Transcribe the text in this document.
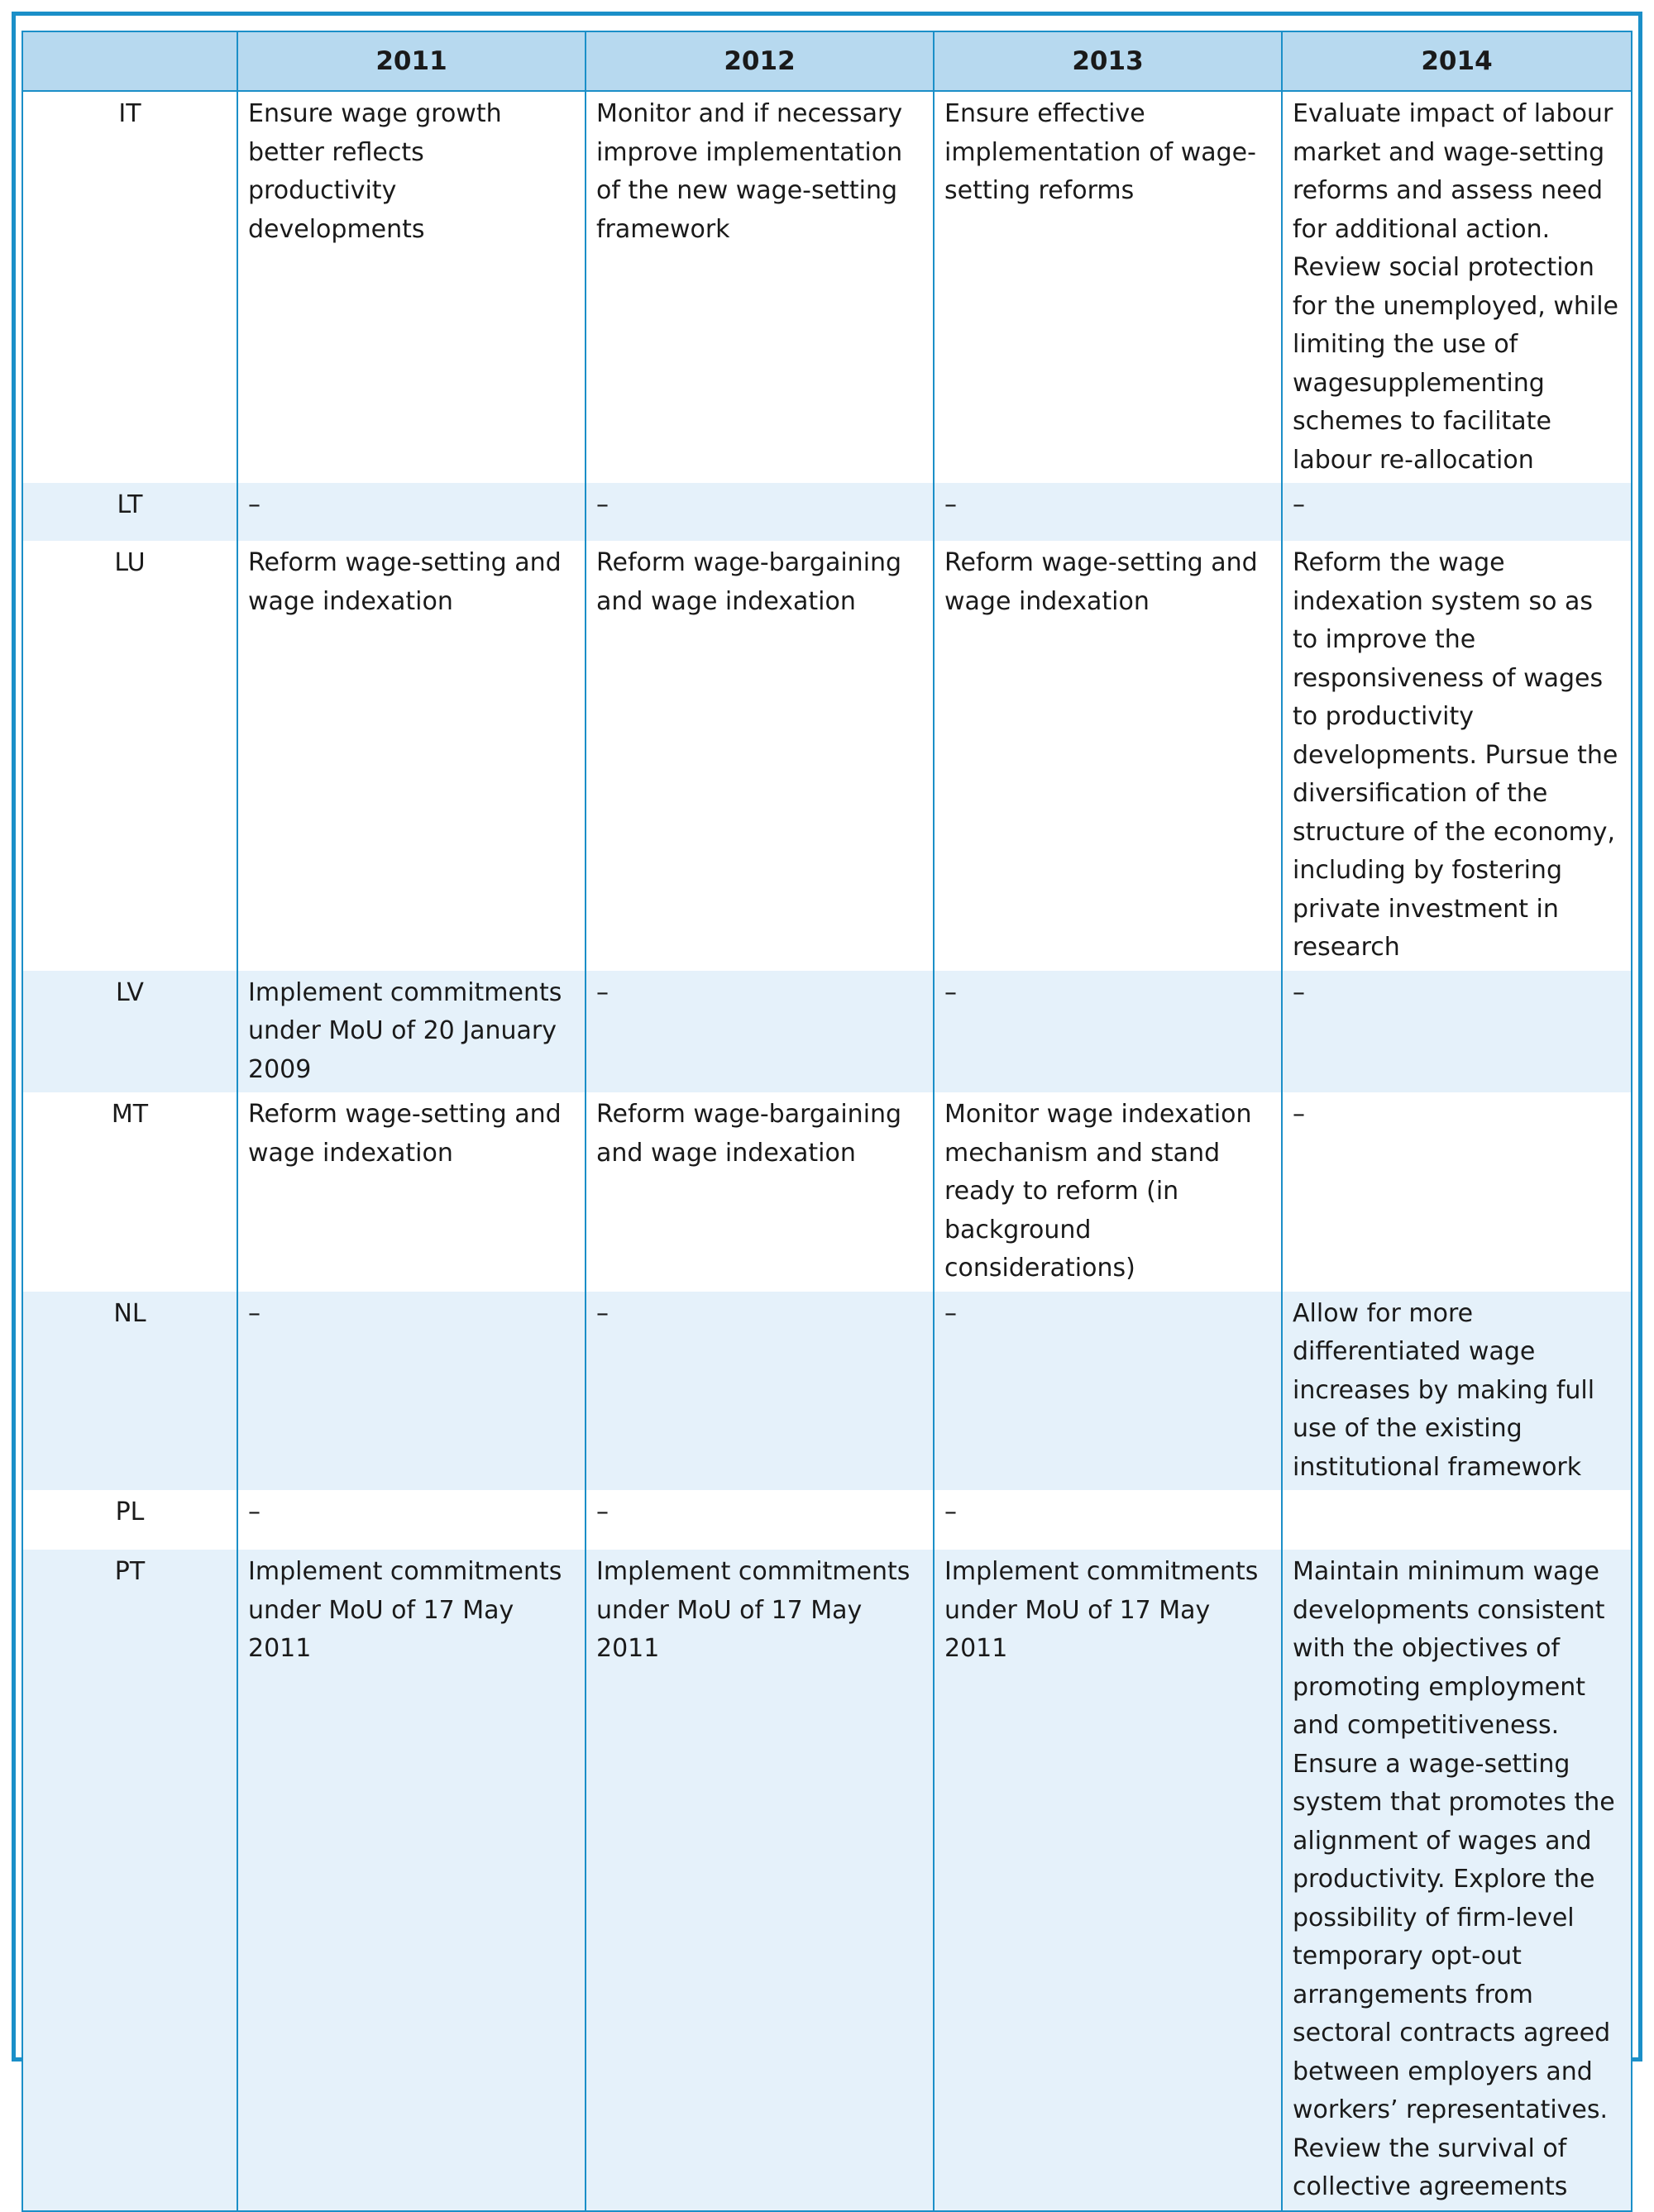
	2011	2012	2013	2014
IT	Ensure wage growth better reflects productivity developments	Monitor and if necessary improve implementation of the new wage-setting framework	Ensure effective implementation of wage-setting reforms	Evaluate impact of labour market and wage-setting reforms and assess need for additional action. Review social protection for the unemployed, while limiting the use of wagesupplementing schemes to facilitate labour re-allocation
LT	–	–	–	–
LU	Reform wage-setting and wage indexation	Reform wage-bargaining and wage indexation	Reform wage-setting and wage indexation	Reform the wage indexation system so as to improve the responsiveness of wages to productivity developments. Pursue the diversification of the structure of the economy, including by fostering private investment in research
LV	Implement commitments under MoU of 20 January 2009	–	–	–
MT	Reform wage-setting and wage indexation	Reform wage-bargaining and wage indexation	Monitor wage indexation mechanism and stand ready to reform (in background considerations)	–
NL	–	–	–	Allow for more differentiated wage increases by making full use of the existing institutional framework
PL	–	–	–	
PT	Implement commitments under MoU of 17 May 2011	Implement commitments under MoU of 17 May 2011	Implement commitments under MoU of 17 May 2011	Maintain minimum wage developments consistent with the objectives of promoting employment and competitiveness. Ensure a wage-setting system that promotes the alignment of wages and productivity. Explore the possibility of firm-level temporary opt-out arrangements from sectoral contracts agreed between employers and workers’ representatives. Review the survival of collective agreements
